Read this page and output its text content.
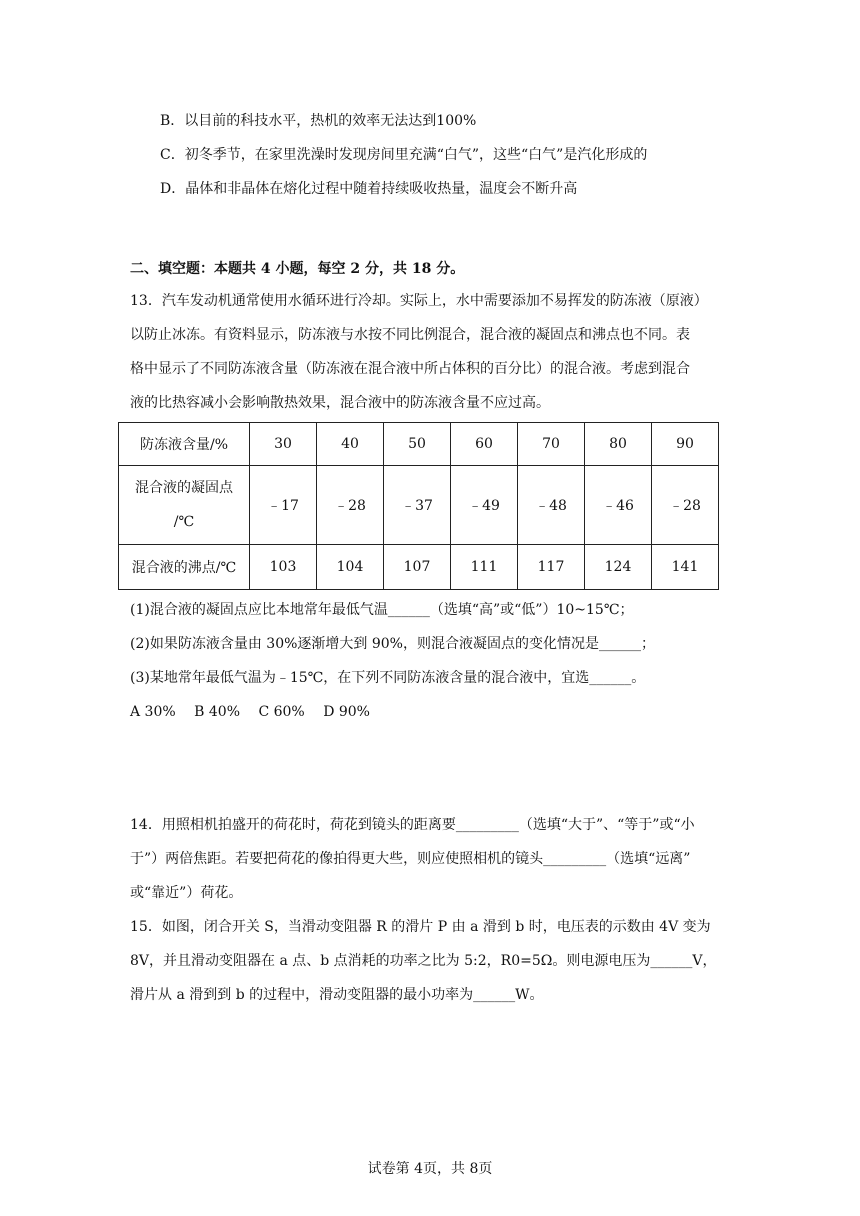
B．以目前的科技水平，热机的效率无法达到100%
C．初冬季节，在家里洗澡时发现房间里充满“白气”，这些“白气”是汽化形成的
D．晶体和非晶体在熔化过程中随着持续吸收热量，温度会不断升高
二、填空题：本题共 4 小题，每空 2 分，共 18 分。
13．汽车发动机通常使用水循环进行冷却。实际上，水中需要添加不易挥发的防冻液（原液）
以防止冰冻。有资料显示，防冻液与水按不同比例混合，混合液的凝固点和沸点也不同。表
格中显示了不同防冻液含量（防冻液在混合液中所占体积的百分比）的混合液。考虑到混合
液的比热容减小会影响散热效果，混合液中的防冻液含量不应过高。
防冻液含量/%	30	40	50	60	70	80	90

混合液的凝固点
/℃	﹣17	﹣28	﹣37	﹣49	﹣48	﹣46	﹣28
混合液的沸点/℃	103	104	107	111	117	124	141
(1)混合液的凝固点应比本地常年最低气温______（选填“高”或“低”）10~15℃；
(2)如果防冻液含量由 30%逐渐增大到 90%，则混合液凝固点的变化情况是______；
(3)某地常年最低气温为﹣15℃，在下列不同防冻液含量的混合液中，宜选______。
A 30% B 40% C 60% D 90%
14．用照相机拍盛开的荷花时，荷花到镜头的距离要_________（选填“大于”、“等于”或“小
于”）两倍焦距。若要把荷花的像拍得更大些，则应使照相机的镜头_________（选填“远离”
或“靠近”）荷花。
15．如图，闭合开关 S，当滑动变阻器 R 的滑片 P 由 a 滑到 b 时，电压表的示数由 4V 变为
8V，并且滑动变阻器在 a 点、b 点消耗的功率之比为 5:2，R0=5Ω。则电源电压为______V，
滑片从 a 滑到到 b 的过程中，滑动变阻器的最小功率为______W。
试卷第 4页，共 8页
